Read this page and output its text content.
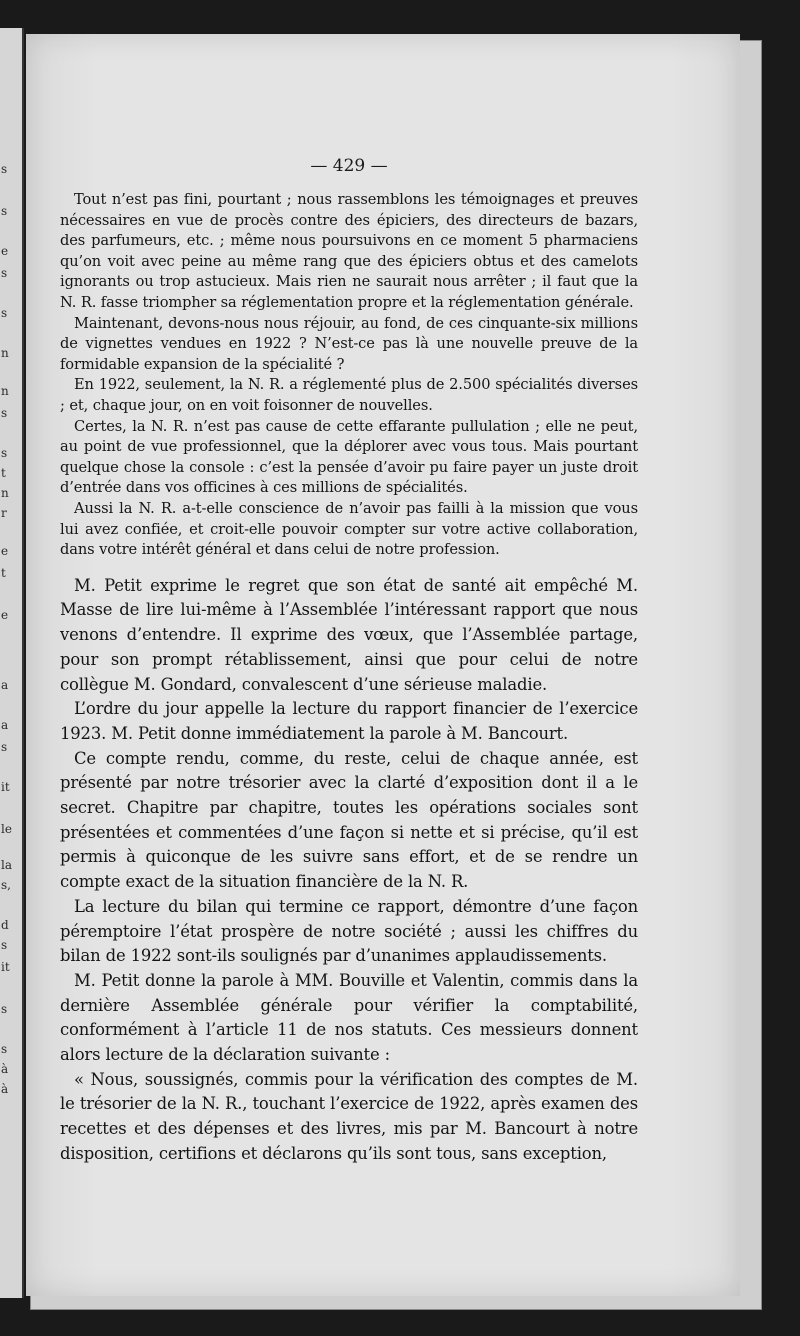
s
s
e
s
s
n
n
s
s
t
n
r
e
t
e
a
a
s
it
le
la
s,
d
s
it
s
s
à
à
— 429 —

Tout n’est pas fini, pourtant ; nous rassemblons les témoignages et preuves nécessaires en vue de procès contre des épiciers, des directeurs de bazars, des parfumeurs, etc. ; même nous poursuivons en ce moment 5 pharmaciens qu’on voit avec peine au même rang que des épiciers obtus et des camelots ignorants ou trop astucieux. Mais rien ne saurait nous arrêter ; il faut que la N. R. fasse triompher sa réglementation propre et la réglementation générale.

Maintenant, devons-nous nous réjouir, au fond, de ces cinquante-six millions de vignettes vendues en 1922 ? N’est-ce pas là une nouvelle preuve de la formidable expansion de la spécialité ?

En 1922, seulement, la N. R. a réglementé plus de 2.500 spécialités diverses ; et, chaque jour, on en voit foisonner de nouvelles.

Certes, la N. R. n’est pas cause de cette effarante pullulation ; elle ne peut, au point de vue professionnel, que la déplorer avec vous tous. Mais pourtant quelque chose la console : c’est la pensée d’avoir pu faire payer un juste droit d’entrée dans vos officines à ces millions de spécialités.

Aussi la N. R. a-t-elle conscience de n’avoir pas failli à la mission que vous lui avez confiée, et croit-elle pouvoir compter sur votre active collaboration, dans votre intérêt général et dans celui de notre profession.

M. Petit exprime le regret que son état de santé ait empêché M. Masse de lire lui-même à l’Assemblée l’intéressant rapport que nous venons d’entendre. Il exprime des vœux, que l’Assemblée partage, pour son prompt rétablissement, ainsi que pour celui de notre collègue M. Gondard, convalescent d’une sérieuse maladie.

L’ordre du jour appelle la lecture du rapport financier de l’exercice 1923. M. Petit donne immédiatement la parole à M. Bancourt.

Ce compte rendu, comme, du reste, celui de chaque année, est présenté par notre trésorier avec la clarté d’exposition dont il a le secret. Chapitre par chapitre, toutes les opérations sociales sont présentées et commentées d’une façon si nette et si précise, qu’il est permis à quiconque de les suivre sans effort, et de se rendre un compte exact de la situation financière de la N. R.

La lecture du bilan qui termine ce rapport, démontre d’une façon péremptoire l’état prospère de notre société ; aussi les chiffres du bilan de 1922 sont-ils soulignés par d’unanimes applaudissements.

M. Petit donne la parole à MM. Bouville et Valentin, commis dans la dernière Assemblée générale pour vérifier la comptabilité, conformément à l’article 11 de nos statuts. Ces messieurs donnent alors lecture de la déclaration suivante :

« Nous, soussignés, commis pour la vérification des comptes de M. le trésorier de la N. R., touchant l’exercice de 1922, après examen des recettes et des dépenses et des livres, mis par M. Bancourt à notre disposition, certifions et déclarons qu’ils sont tous, sans exception,
